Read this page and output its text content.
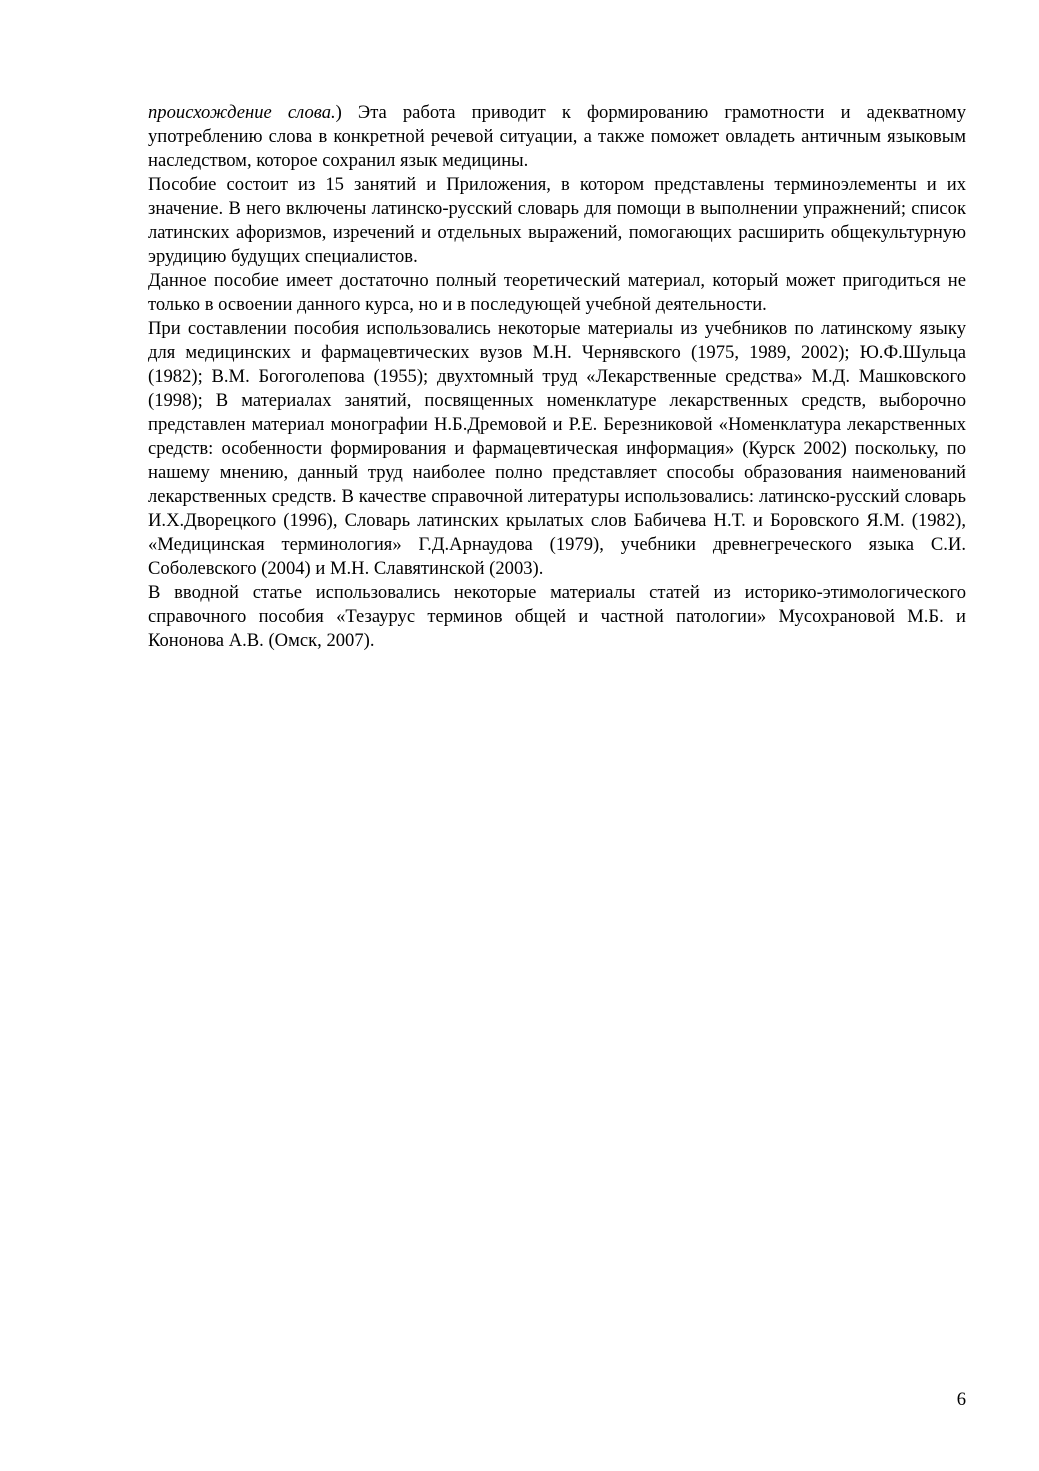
происхождение слова.) Эта работа приводит к формированию грамотности и адекватному употреблению слова в конкретной речевой ситуации, а также поможет овладеть античным языковым наследством, которое сохранил язык медицины.

Пособие состоит из 15 занятий и Приложения, в котором представлены терминоэлементы и их значение. В него включены латинско-русский словарь для помощи в выполнении упражнений; список латинских афоризмов, изречений и отдельных выражений, помогающих расширить общекультурную эрудицию будущих специалистов.

Данное пособие имеет достаточно полный теоретический материал, который может пригодиться не только в освоении данного курса, но и в последующей учебной деятельности.

При составлении пособия использовались некоторые материалы из учебников по латинскому языку для медицинских и фармацевтических вузов М.Н. Чернявского (1975, 1989, 2002); Ю.Ф.Шульца (1982); В.М. Богоголепова (1955); двухтомный труд «Лекарственные средства» М.Д. Машковского (1998); В материалах занятий, посвященных номенклатуре лекарственных средств, выборочно представлен материал монографии Н.Б.Дремовой и Р.Е. Березниковой «Номенклатура лекарственных средств: особенности формирования и фармацевтическая информация» (Курск 2002) поскольку, по нашему мнению, данный труд наиболее полно представляет способы образования наименований лекарственных средств. В качестве справочной литературы использовались: латинско-русский словарь И.Х.Дворецкого (1996), Словарь латинских крылатых слов Бабичева Н.Т. и Боровского Я.М. (1982), «Медицинская терминология» Г.Д.Арнаудова (1979), учебники древнегреческого языка С.И. Соболевского (2004) и М.Н. Славятинской (2003).

В вводной статье использовались некоторые материалы статей из историко-этимологического справочного пособия «Тезаурус терминов общей и частной патологии» Мусохрановой М.Б. и Кононова А.В. (Омск, 2007).

6
